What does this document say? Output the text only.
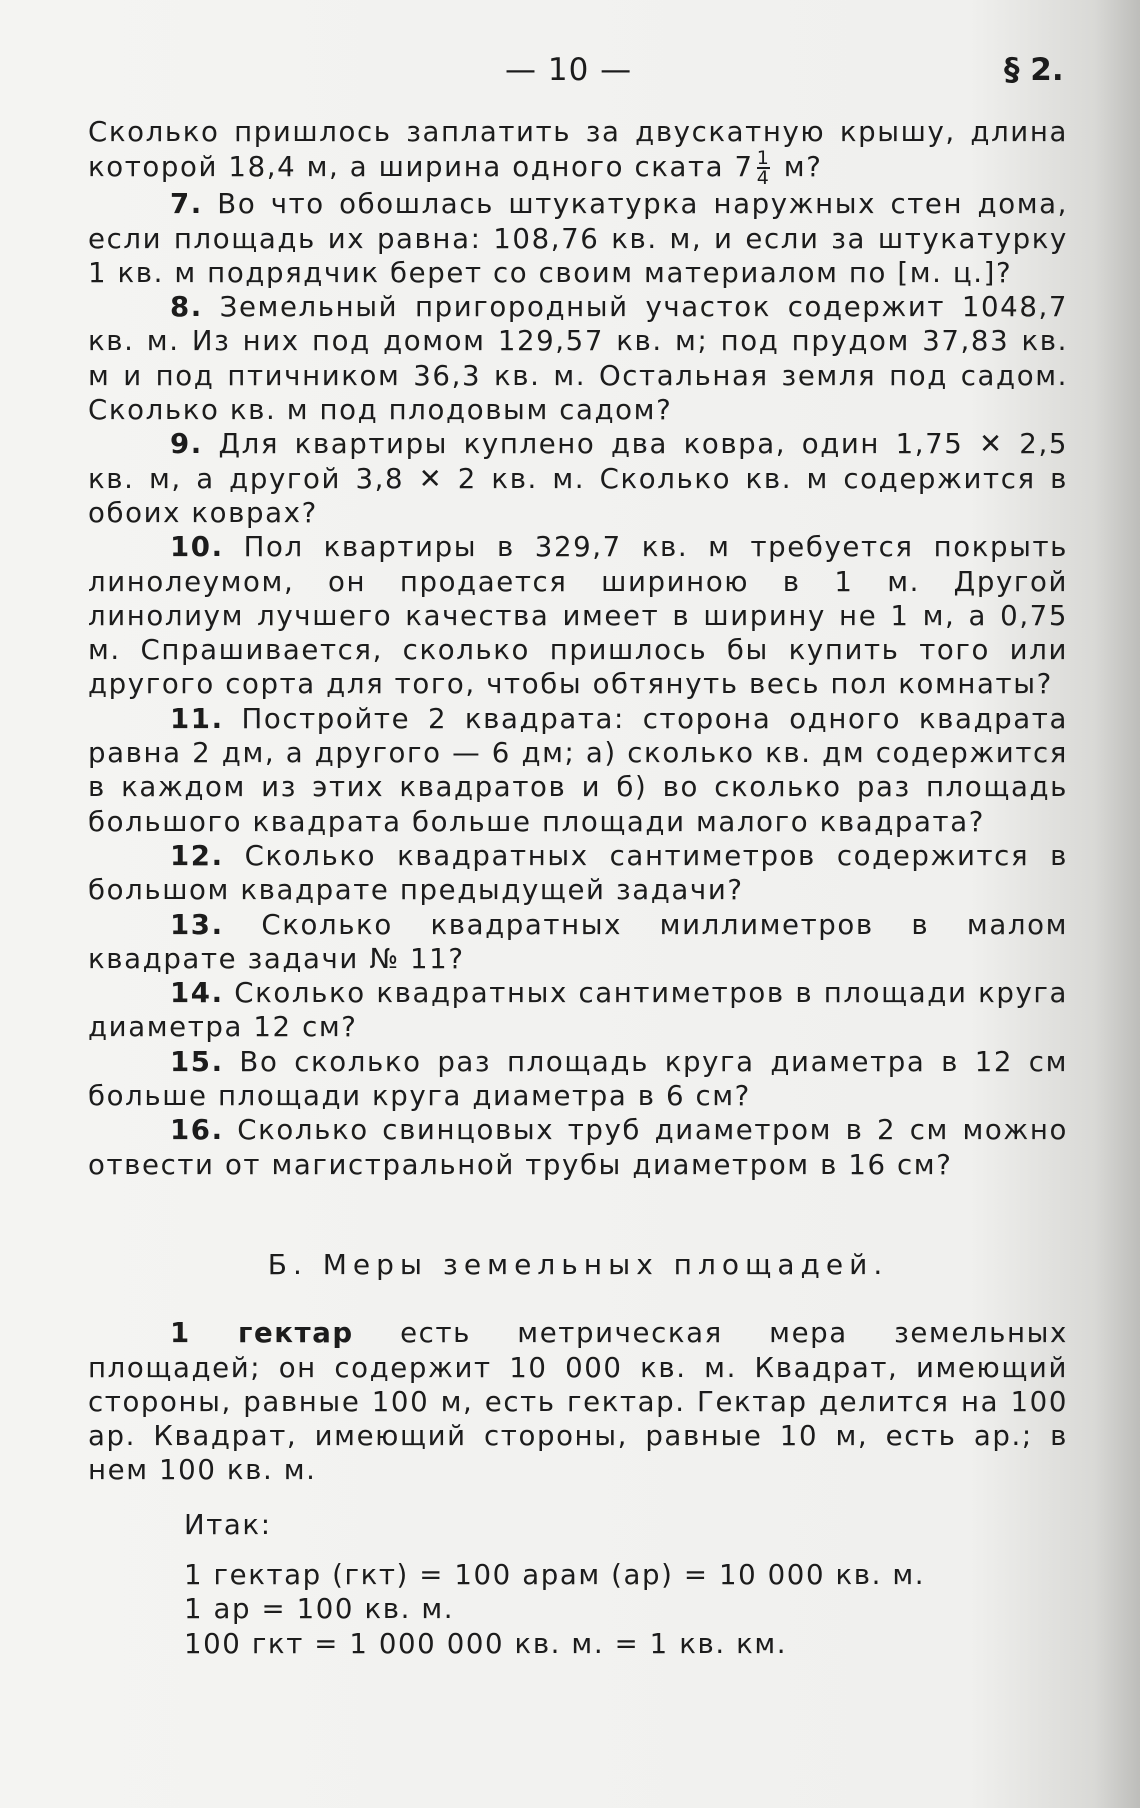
— 10 —	§ 2.

Сколько пришлось заплатить за двускатную крышу, длина которой 18,4 м, а ширина одного ската $7 \frac{1}{4} м$?

7. Во что обошлась штукатурка наружных стен дома, если площадь их равна: 108,76 кв. м, и если за штукатурку 1 кв. м подрядчик берет со своим материалом по [м. ц.]?

8. Земельный пригородный участок содержит 1048,7 кв. м. Из них под домом 129,57 кв. м; под прудом 37,83 кв. м и под птичником 36,3 кв. м. Остальная земля под садом. Сколько кв. м под плодовым садом?

9. Для квартиры куплено два ковра, один 1,75 ✕ 2,5 кв. м, а другой 3,8 ✕ 2 кв. м. Сколько кв. м содержится в обоих коврах?

10. Пол квартиры в 329,7 кв. м требуется покрыть линолеумом, он продается шириною в 1 м. Другой линолиум лучшего качества имеет в ширину не 1 м, а 0,75 м. Спрашивается, сколько пришлось бы купить того или другого сорта для того, чтобы обтянуть весь пол комнаты?

11. Постройте 2 квадрата: сторона одного квадрата равна 2 дм, а другого — 6 дм; а) сколько кв. дм содержится в каждом из этих квадратов и б) во сколько раз площадь большого квадрата больше площади малого квадрата?

12. Сколько квадратных сантиметров содержится в большом квадрате предыдущей задачи?

13. Сколько квадратных миллиметров в малом квадрате задачи № 11?

14. Сколько квадратных сантиметров в площади круга диаметра 12 см?

15. Во сколько раз площадь круга диаметра в 12 см больше площади круга диаметра в 6 см?

16. Сколько свинцовых труб диаметром в 2 см можно отвести от магистральной трубы диаметром в 16 см?

Б. Меры земельных площадей.

1 гектар есть метрическая мера земельных площадей; он содержит 10 000 кв. м. Квадрат, имеющий стороны, равные 100 м, есть гектар. Гектар делится на 100 ар. Квадрат, имеющий стороны, равные 10 м, есть ар.; в нем 100 кв. м.

Итак:

1 гектар (гкт) = 100 арам (ар) = 10 000 кв. м.

1 ар = 100 кв. м.

100 гкт = 1 000 000 кв. м. = 1 кв. км.
